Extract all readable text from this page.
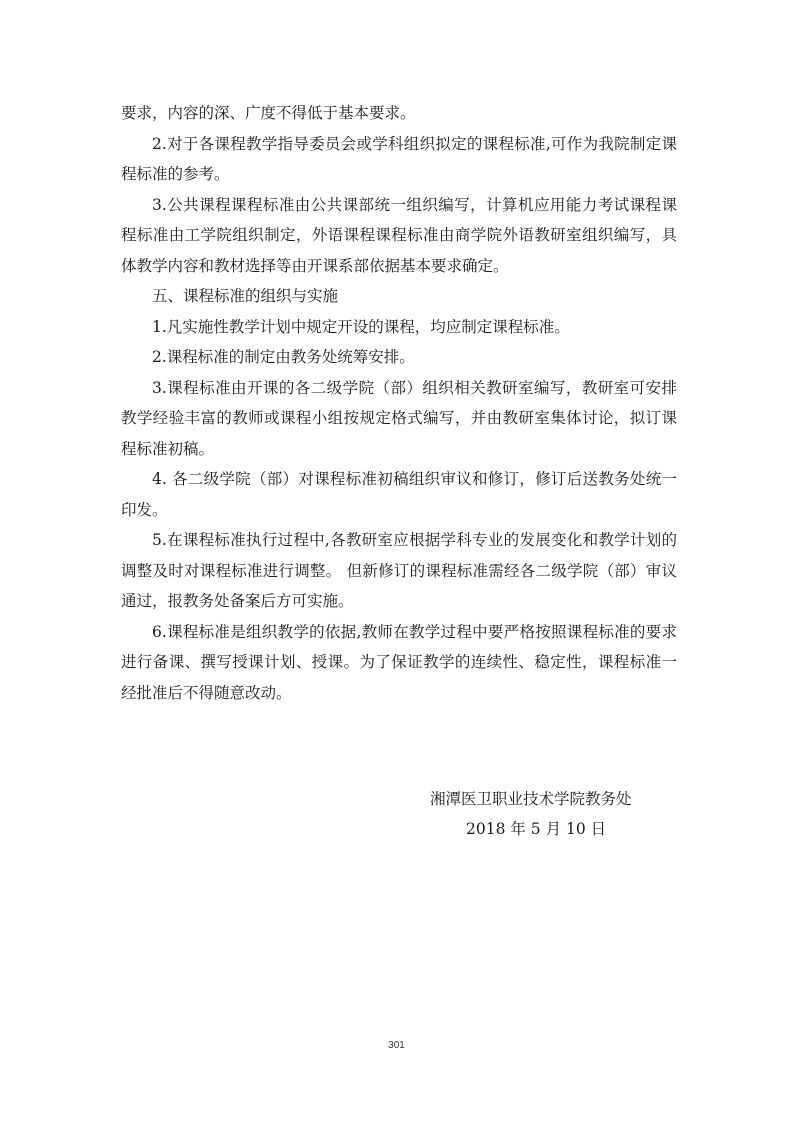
要求，内容的深、广度不得低于基本要求。

2.对于各课程教学指导委员会或学科组织拟定的课程标准,可作为我院制定课程标准的参考。

3.公共课程课程标准由公共课部统一组织编写，计算机应用能力考试课程课程标准由工学院组织制定，外语课程课程标准由商学院外语教研室组织编写，具体教学内容和教材选择等由开课系部依据基本要求确定。

五、课程标准的组织与实施

1.凡实施性教学计划中规定开设的课程，均应制定课程标准。

2.课程标准的制定由教务处统筹安排。

3.课程标准由开课的各二级学院（部）组织相关教研室编写，教研室可安排教学经验丰富的教师或课程小组按规定格式编写，并由教研室集体讨论，拟订课程标准初稿。

4. 各二级学院（部）对课程标准初稿组织审议和修订，修订后送教务处统一印发。

5.在课程标准执行过程中,各教研室应根据学科专业的发展变化和教学计划的调整及时对课程标准进行调整。 但新修订的课程标准需经各二级学院（部）审议通过，报教务处备案后方可实施。

6.课程标准是组织教学的依据,教师在教学过程中要严格按照课程标准的要求进行备课、撰写授课计划、授课。为了保证教学的连续性、稳定性，课程标准一经批准后不得随意改动。

湘潭医卫职业技术学院教务处
2018 年 5 月 10 日
301
